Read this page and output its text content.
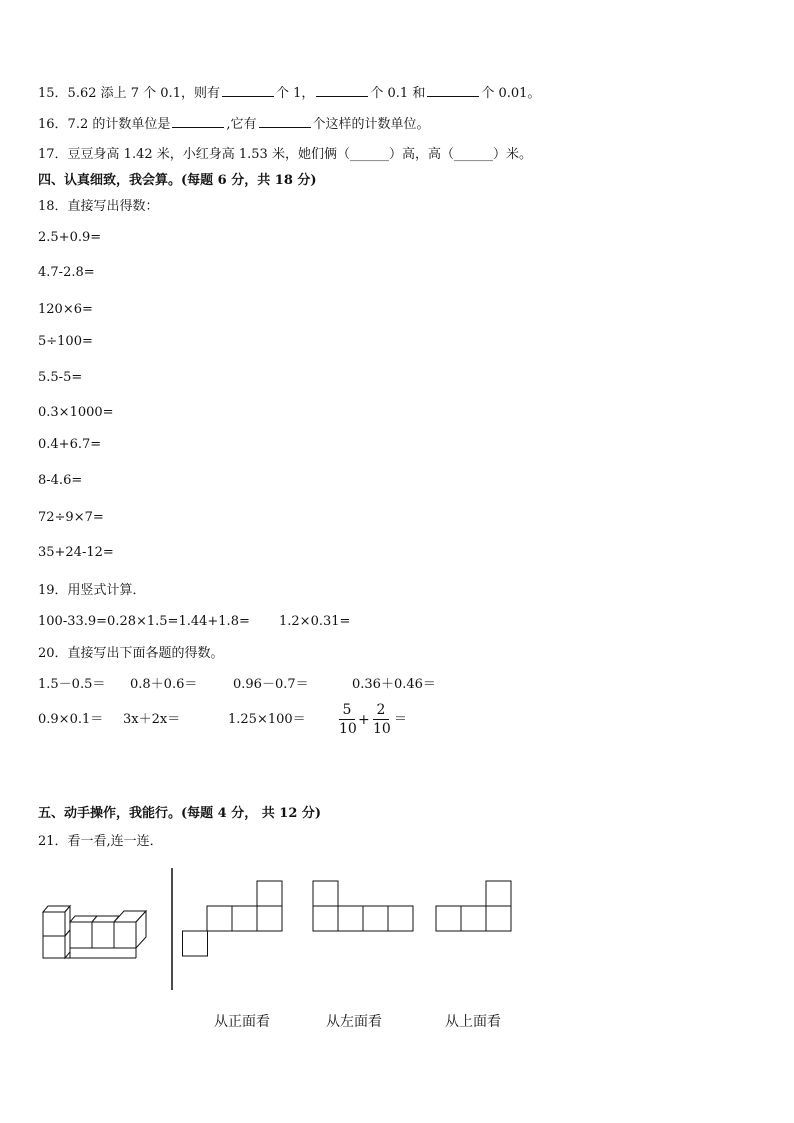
15．5.62 添上 7 个 0.1，则有	个 1，	个 0.1 和	个 0.01。
16．7.2 的计数单位是	,它有	个这样的计数单位。
17．豆豆身高 1.42 米，小红身高 1.53 米，她们俩（______）高，高（______）米。
四、认真细致，我会算。(每题 6 分，共 18 分)
18．直接写出得数：
2.5+0.9=
4.7-2.8=
120×6=
5÷100=
5.5-5=
0.3×1000=
0.4+6.7=
8-4.6=
72÷9×7=
35+24-12=
19．用竖式计算．
100-33.9=0.28×1.5=1.44+1.8= 1.2×0.31=
20．直接写出下面各题的得数。
1.5－0.5＝ 0.8＋0.6＝	0.96－0.7＝	0.36＋0.46＝
0.9×0.1＝ 3x＋2x＝	1.25×100＝
5
10
+
2
10
＝
五、动手操作，我能行。(每题 4 分， 共 12 分)
21．看一看,连一连．
从正面看	从左面看	从上面看
